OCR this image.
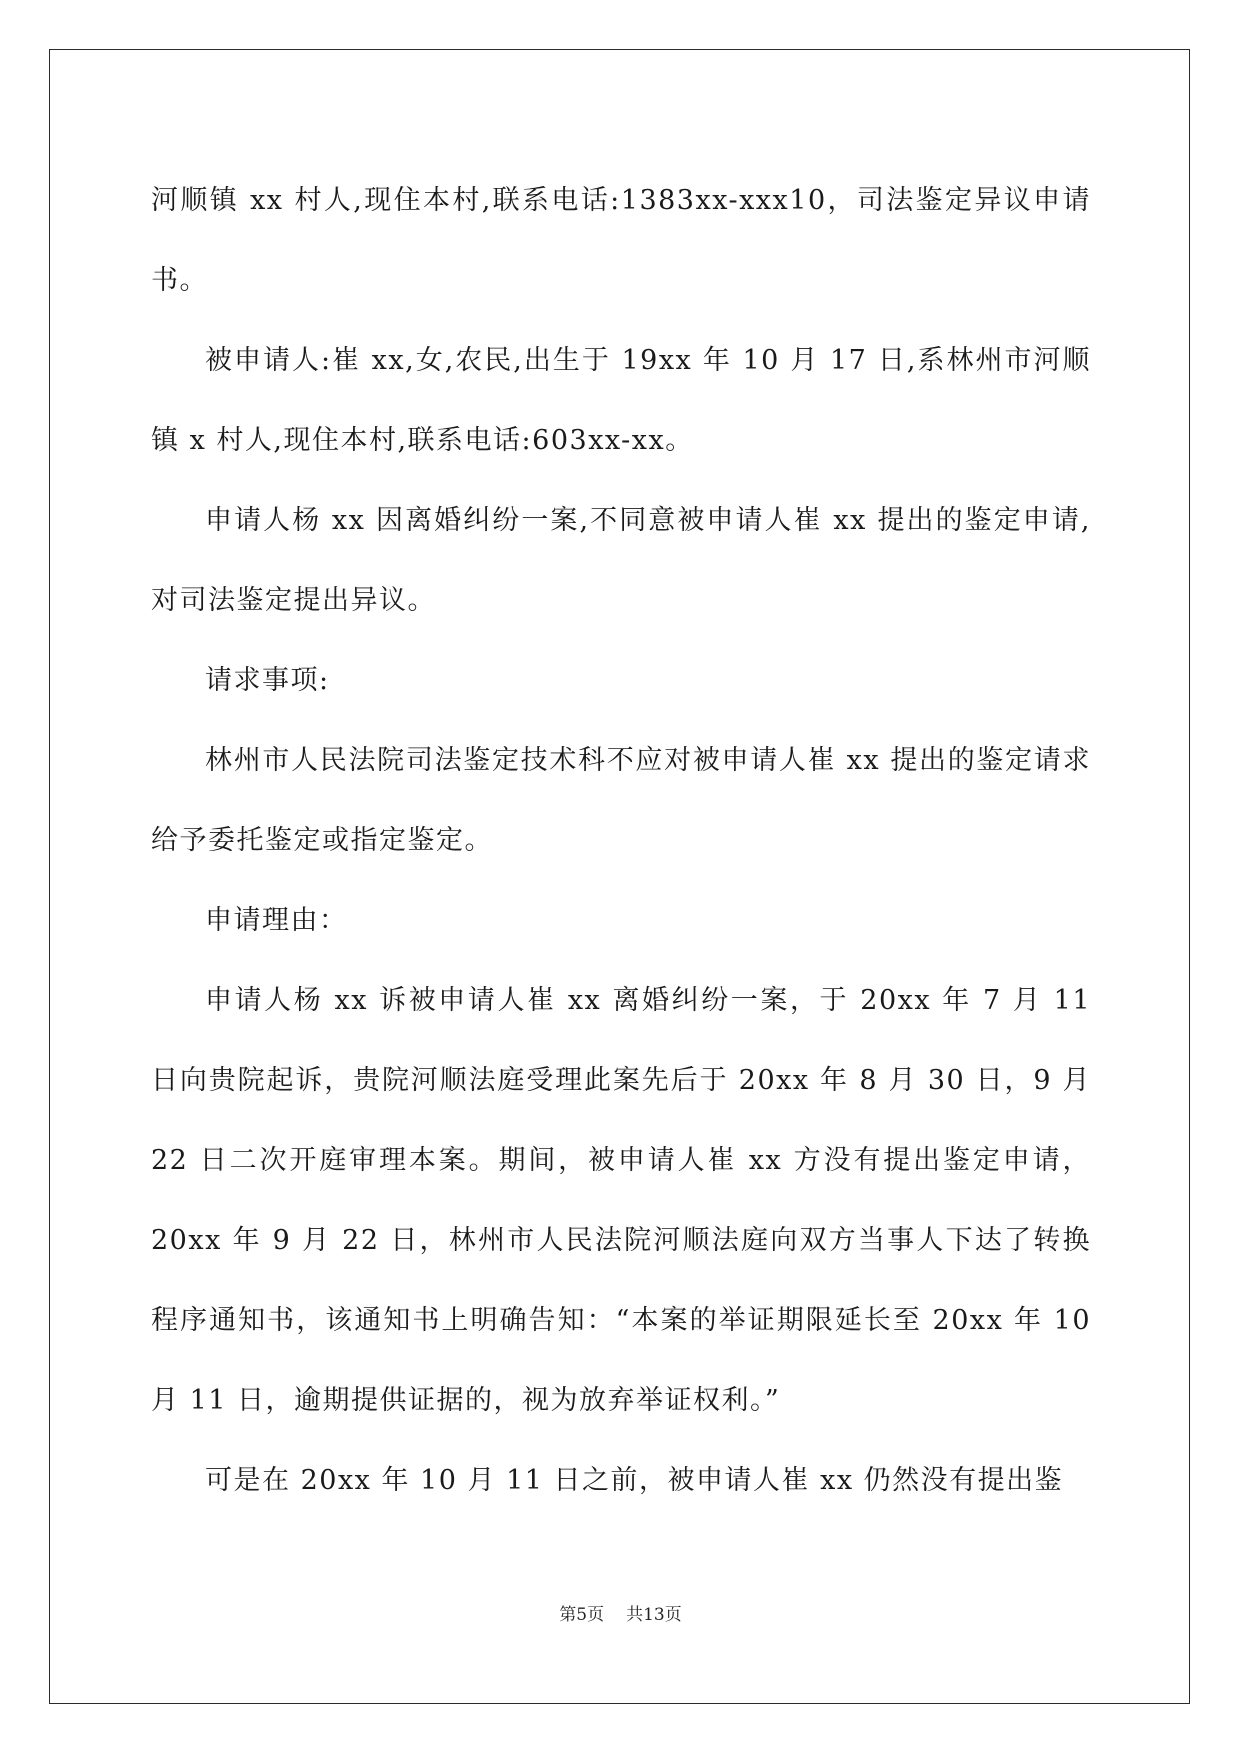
河顺镇 xx 村人,现住本村,联系电话:1383xx-xxx10，司法鉴定异议申请书。

被申请人:崔 xx,女,农民,出生于 19xx 年 10 月 17 日,系林州市河顺镇 x 村人,现住本村,联系电话:603xx-xx。

申请人杨 xx 因离婚纠纷一案,不同意被申请人崔 xx 提出的鉴定申请,对司法鉴定提出异议。

请求事项:

林州市人民法院司法鉴定技术科不应对被申请人崔 xx 提出的鉴定请求给予委托鉴定或指定鉴定。

申请理由：

申请人杨 xx 诉被申请人崔 xx 离婚纠纷一案，于 20xx 年 7 月 11 日向贵院起诉，贵院河顺法庭受理此案先后于 20xx 年 8 月 30 日，9 月 22 日二次开庭审理本案。期间，被申请人崔 xx 方没有提出鉴定申请，20xx 年 9 月 22 日，林州市人民法院河顺法庭向双方当事人下达了转换程序通知书，该通知书上明确告知：“本案的举证期限延长至 20xx 年 10 月 11 日，逾期提供证据的，视为放弃举证权利。”

可是在 20xx 年 10 月 11 日之前，被申请人崔 xx 仍然没有提出鉴

第5页 共13页
